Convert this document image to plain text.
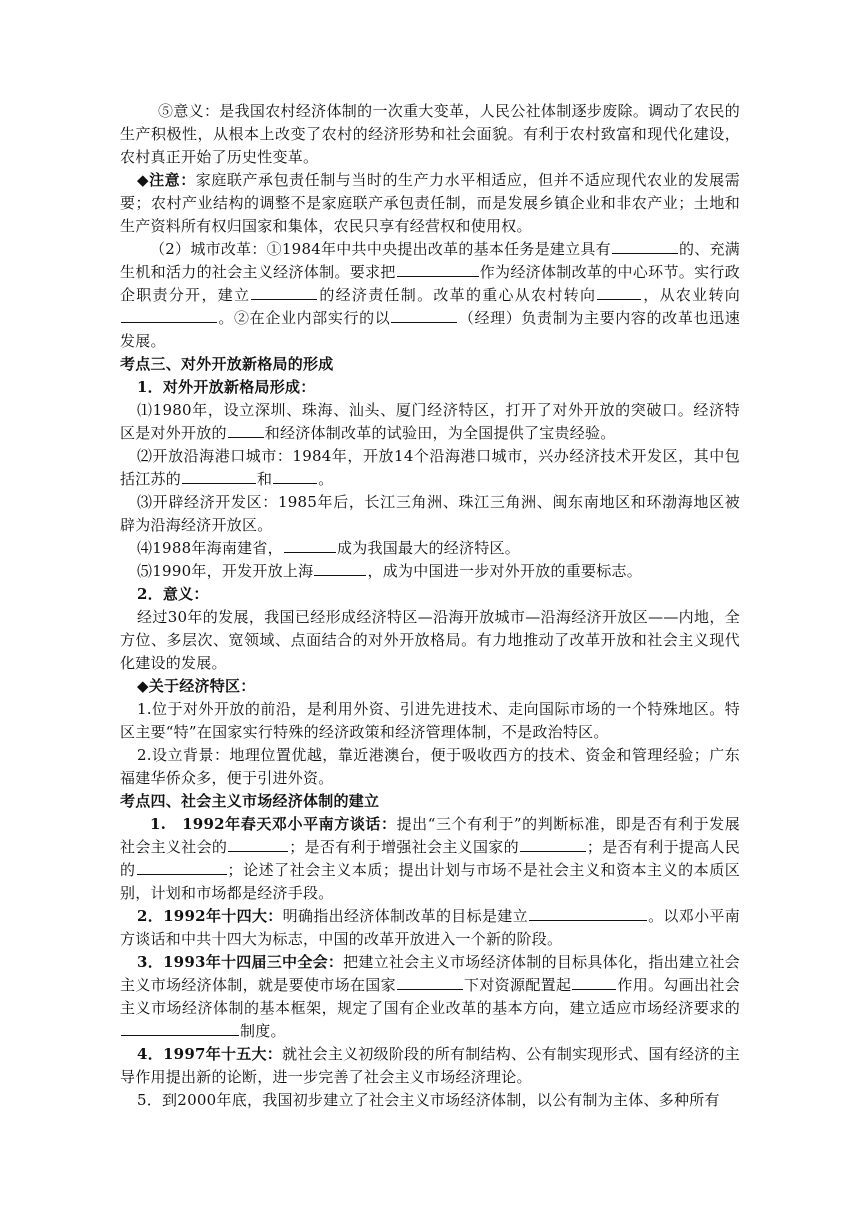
⑤意义：是我国农村经济体制的一次重大变革，人民公社体制逐步废除。调动了农民的生产积极性，从根本上改变了农村的经济形势和社会面貌。有利于农村致富和现代化建设，农村真正开始了历史性变革。

◆注意：家庭联产承包责任制与当时的生产力水平相适应，但并不适应现代农业的发展需要；农村产业结构的调整不是家庭联产承包责任制，而是发展乡镇企业和非农产业；土地和生产资料所有权归国家和集体，农民只享有经营权和使用权。

（2）城市改革：①1984年中共中央提出改革的基本任务是建立具有	的、充满生机和活力的社会主义经济体制。要求把	作为经济体制改革的中心环节。实行政企职责分开，建立	的经济责任制。改革的重心从农村转向	，从农业转向。②在企业内部实行的以	（经理）负责制为主要内容的改革也迅速发展。

考点三、对外开放新格局的形成

1．对外开放新格局形成：

⑴1980年，设立深圳、珠海、汕头、厦门经济特区，打开了对外开放的突破口。经济特区是对外开放的	和经济体制改革的试验田，为全国提供了宝贵经验。

⑵开放沿海港口城市：1984年，开放14个沿海港口城市，兴办经济技术开发区，其中包括江苏的	和	。

⑶开辟经济开发区：1985年后，长江三角洲、珠江三角洲、闽东南地区和环渤海地区被辟为沿海经济开放区。

⑷1988年海南建省，	成为我国最大的经济特区。

⑸1990年，开发开放上海	，成为中国进一步对外开放的重要标志。

2．意义：

经过30年的发展，我国已经形成经济特区—沿海开放城市—沿海经济开放区——内地，全方位、多层次、宽领域、点面结合的对外开放格局。有力地推动了改革开放和社会主义现代化建设的发展。

◆关于经济特区：

1.位于对外开放的前沿，是利用外资、引进先进技术、走向国际市场的一个特殊地区。特区主要“特”在国家实行特殊的经济政策和经济管理体制，不是政治特区。

2.设立背景：地理位置优越，靠近港澳台，便于吸收西方的技术、资金和管理经验；广东福建华侨众多，便于引进外资。

考点四、社会主义市场经济体制的建立

1.　1992年春天邓小平南方谈话：提出“三个有利于”的判断标准，即是否有利于发展社会主义社会的	；是否有利于增强社会主义国家的	；是否有利于提高人民的	；论述了社会主义本质；提出计划与市场不是社会主义和资本主义的本质区别，计划和市场都是经济手段。

2．1992年十四大：明确指出经济体制改革的目标是建立	。以邓小平南方谈话和中共十四大为标志，中国的改革开放进入一个新的阶段。

3．1993年十四届三中全会：把建立社会主义市场经济体制的目标具体化，指出建立社会主义市场经济体制，就是要使市场在国家	下对资源配置起	作用。勾画出社会主义市场经济体制的基本框架，规定了国有企业改革的基本方向，建立适应市场经济要求的制度。

4．1997年十五大：就社会主义初级阶段的所有制结构、公有制实现形式、国有经济的主导作用提出新的论断，进一步完善了社会主义市场经济理论。

5．到2000年底，我国初步建立了社会主义市场经济体制，以公有制为主体、多种所有
